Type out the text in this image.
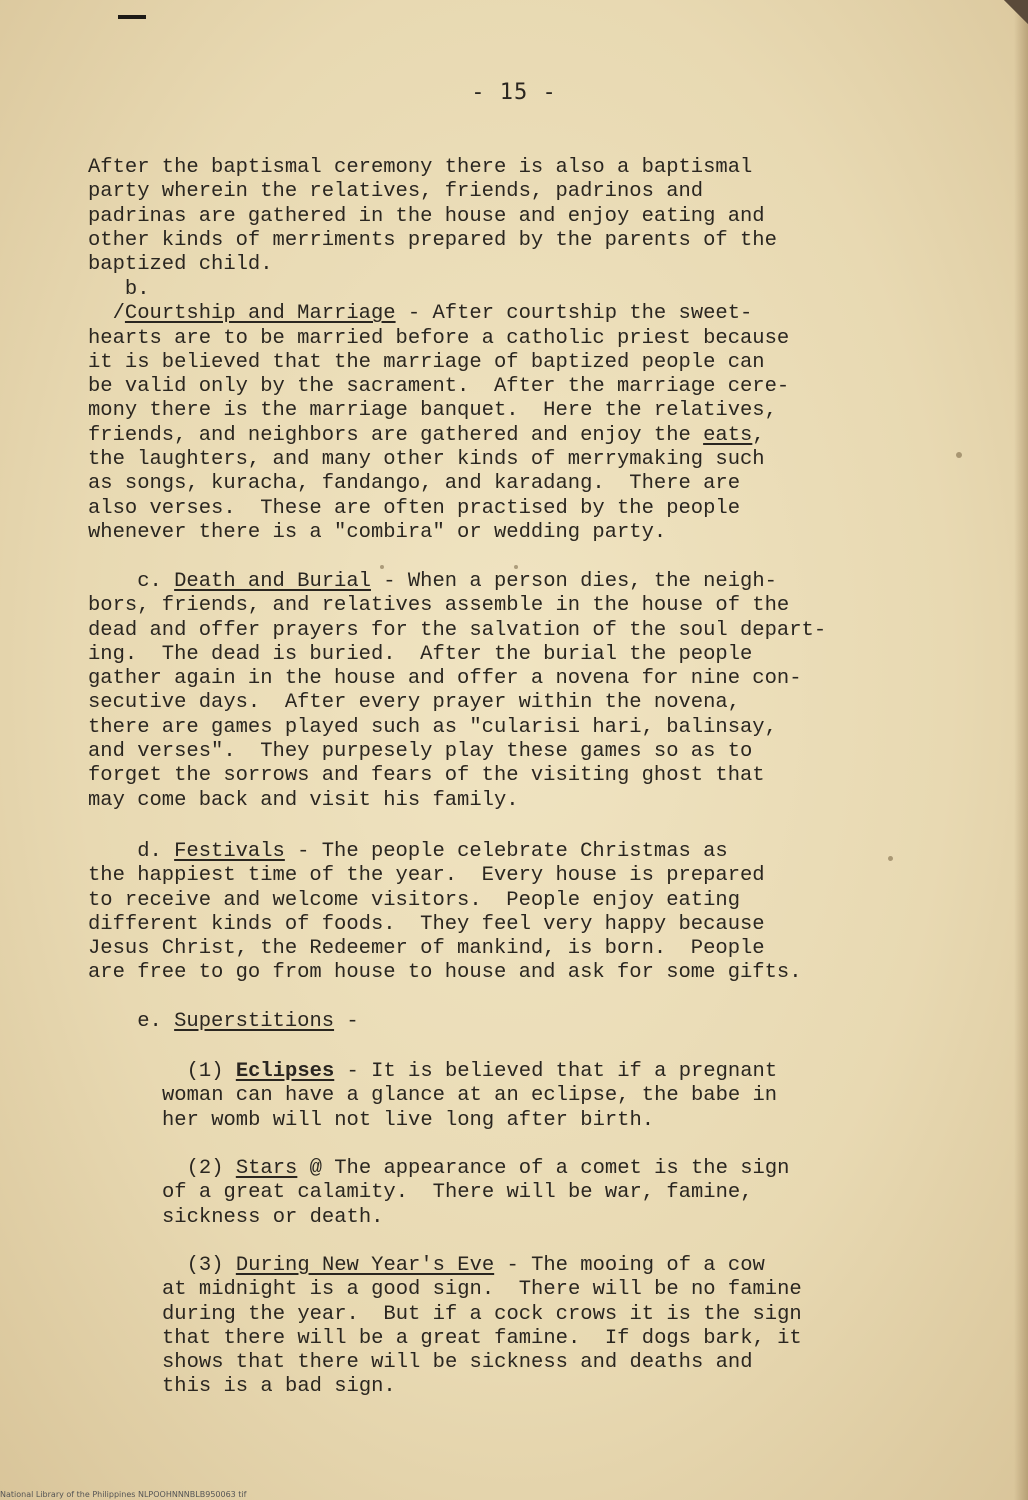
- 15 -
After the baptismal ceremony there is also a baptismal
party wherein the relatives, friends, padrinos and
padrinas are gathered in the house and enjoy eating and
other kinds of merriments prepared by the parents of the
baptized child.
b.
/Courtship and Marriage - After courtship the sweet-
hearts are to be married before a catholic priest because
it is believed that the marriage of baptized people can
be valid only by the sacrament.  After the marriage cere-
mony there is the marriage banquet.  Here the relatives,
friends, and neighbors are gathered and enjoy the eats,
the laughters, and many other kinds of merrymaking such
as songs, kuracha, fandango, and karadang.  There are
also verses.  These are often practised by the people
whenever there is a "combira" or wedding party.
c. Death and Burial - When a person dies, the neigh-
bors, friends, and relatives assemble in the house of the
dead and offer prayers for the salvation of the soul depart-
ing.  The dead is buried.  After the burial the people
gather again in the house and offer a novena for nine con-
secutive days.  After every prayer within the novena,
there are games played such as "cularisi hari, balinsay,
and verses".  They purpesely play these games so as to
forget the sorrows and fears of the visiting ghost that
may come back and visit his family.
d. Festivals - The people celebrate Christmas as
the happiest time of the year.  Every house is prepared
to receive and welcome visitors.  People enjoy eating
different kinds of foods.  They feel very happy because
Jesus Christ, the Redeemer of mankind, is born.  People
are free to go from house to house and ask for some gifts.
e. Superstitions -
(1) Eclipses - It is believed that if a pregnant
woman can have a glance at an eclipse, the babe in
her womb will not live long after birth.
(2) Stars @ The appearance of a comet is the sign
of a great calamity.  There will be war, famine,
sickness or death.
(3) During New Year's Eve - The mooing of a cow
at midnight is a good sign.  There will be no famine
during the year.  But if a cock crows it is the sign
that there will be a great famine.  If dogs bark, it
shows that there will be sickness and deaths and
this is a bad sign.
National Library of the Philippines NLPOOHNNNBLB950063 tif
